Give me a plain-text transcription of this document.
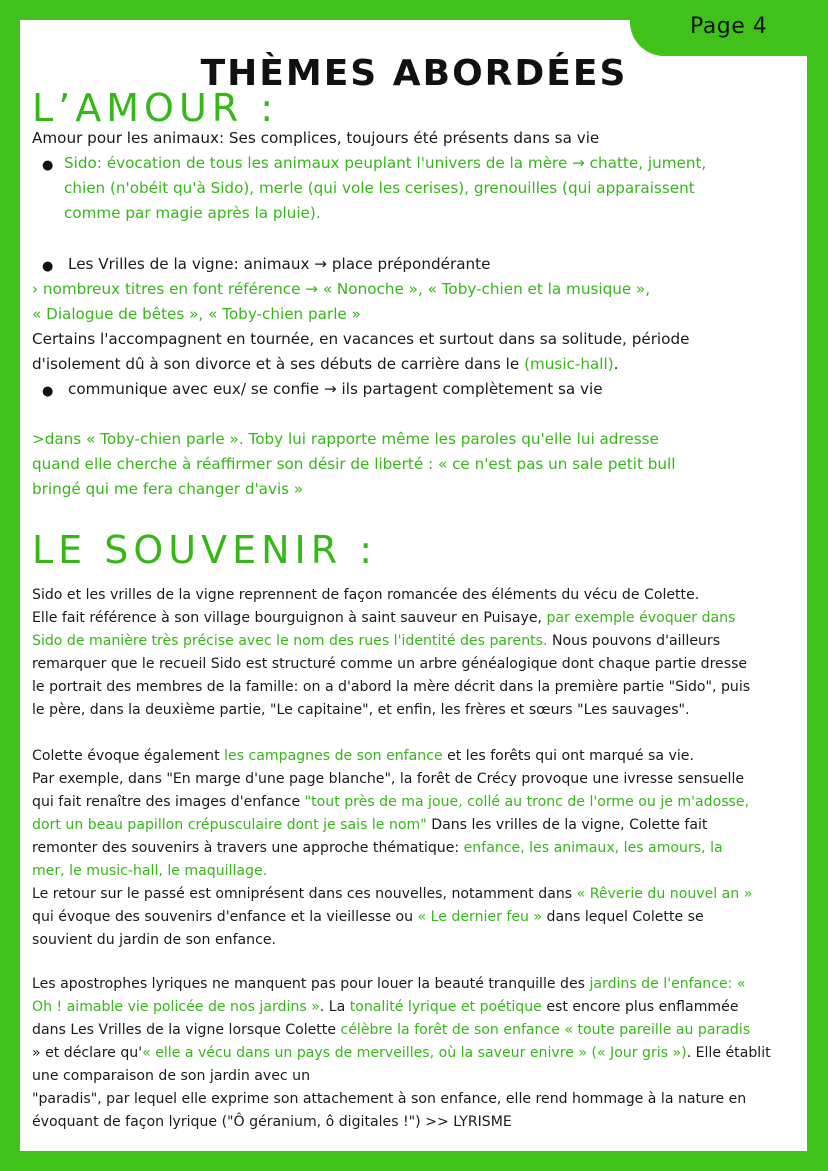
Page 4
THÈMES ABORDÉES
L’AMOUR :
Amour pour les animaux: Ses complices, toujours été présents dans sa vie
● Sido: évocation de tous les animaux peuplant l'univers de la mère → chatte, jument,
chien (n'obéit qu'à Sido), merle (qui vole les cerises), grenouilles (qui apparaissent
comme par magie après la pluie).
● Les Vrilles de la vigne: animaux → place prépondérante
› nombreux titres en font référence → « Nonoche », « Toby-chien et la musique »,
« Dialogue de bêtes », « Toby-chien parle »
Certains l'accompagnent en tournée, en vacances et surtout dans sa solitude, période
d'isolement dû à son divorce et à ses débuts de carrière dans le (music-hall).
● communique avec eux/ se confie → ils partagent complètement sa vie
>dans « Toby-chien parle ». Toby lui rapporte même les paroles qu'elle lui adresse
quand elle cherche à réaffirmer son désir de liberté : « ce n'est pas un sale petit bull
bringé qui me fera changer d'avis »
LE SOUVENIR :
Sido et les vrilles de la vigne reprennent de façon romancée des éléments du vécu de Colette.
Elle fait référence à son village bourguignon à saint sauveur en Puisaye, par exemple évoquer dans
Sido de manière très précise avec le nom des rues l'identité des parents. Nous pouvons d'ailleurs
remarquer que le recueil Sido est structuré comme un arbre généalogique dont chaque partie dresse
le portrait des membres de la famille: on a d'abord la mère décrit dans la première partie "Sido", puis
le père, dans la deuxième partie, "Le capitaine", et enfin, les frères et sœurs "Les sauvages".
Colette évoque également les campagnes de son enfance et les forêts qui ont marqué sa vie.
Par exemple, dans "En marge d'une page blanche", la forêt de Crécy provoque une ivresse sensuelle
qui fait renaître des images d'enfance "tout près de ma joue, collé au tronc de l'orme ou je m'adosse,
dort un beau papillon crépusculaire dont je sais le nom" Dans les vrilles de la vigne, Colette fait
remonter des souvenirs à travers une approche thématique: enfance, les animaux, les amours, la
mer, le music-hall, le maquillage.
Le retour sur le passé est omniprésent dans ces nouvelles, notamment dans « Rêverie du nouvel an »
qui évoque des souvenirs d'enfance et la vieillesse ou « Le dernier feu » dans lequel Colette se
souvient du jardin de son enfance.
Les apostrophes lyriques ne manquent pas pour louer la beauté tranquille des jardins de l'enfance: «
Oh ! aimable vie policée de nos jardins ». La tonalité lyrique et poétique est encore plus enflammée
dans Les Vrilles de la vigne lorsque Colette célèbre la forêt de son enfance « toute pareille au paradis
» et déclare qu'« elle a vécu dans un pays de merveilles, où la saveur enivre » (« Jour gris »). Elle établit
une comparaison de son jardin avec un
"paradis", par lequel elle exprime son attachement à son enfance, elle rend hommage à la nature en
évoquant de façon lyrique ("Ô géranium, ô digitales !") >> LYRISME
